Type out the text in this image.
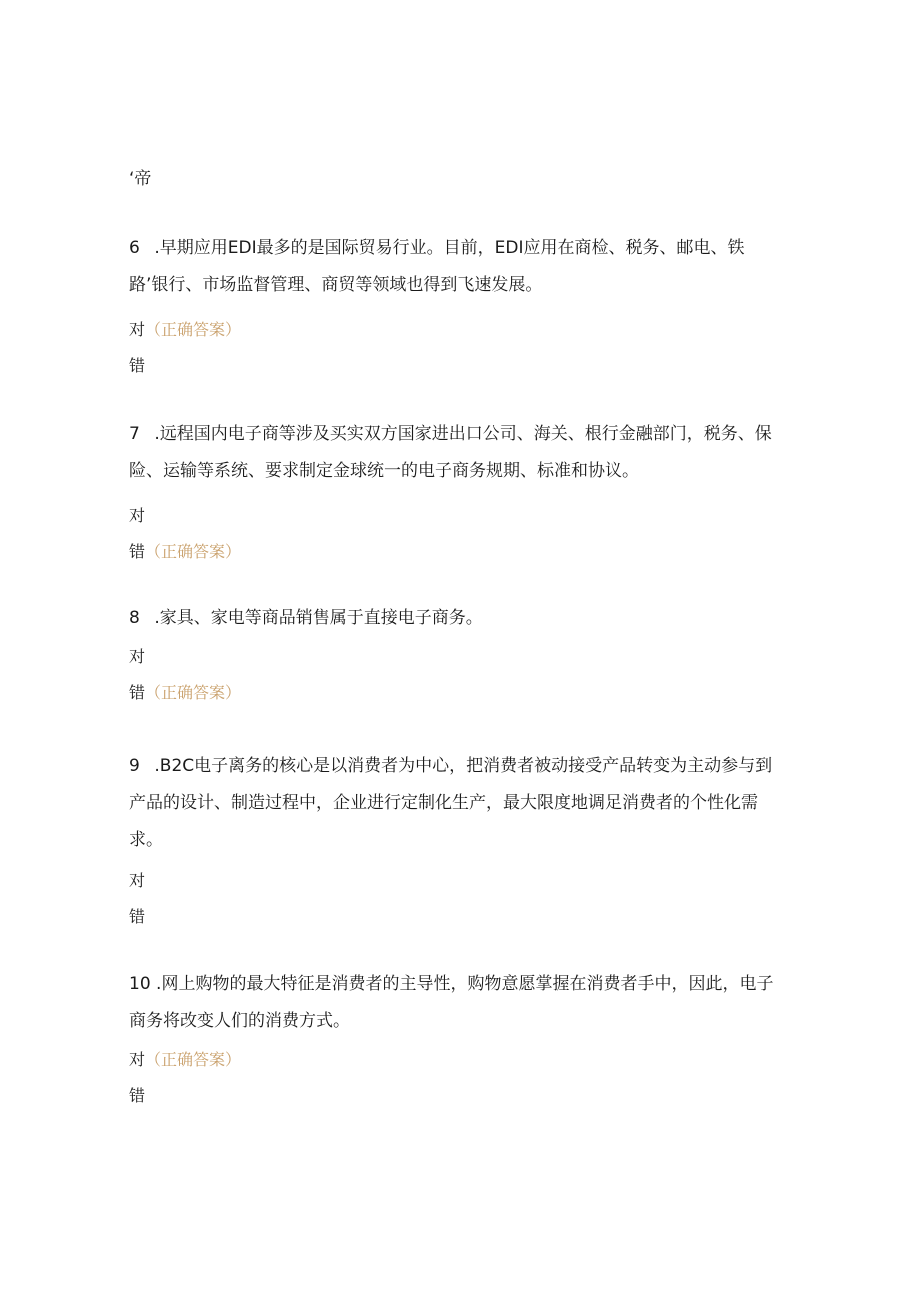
‘帝

6 .早期应用EDI最多的是国际贸易行业。目前，EDI应用在商检、税务、邮电、铁路’银行、市场监督管理、商贸等领域也得到飞速发展。

对（正确答案）
错

7 .远程国内电子商等涉及买实双方国家进出口公司、海关、根行金融部门，税务、保险、运输等系统、要求制定金球统一的电子商务规期、标准和协议。

对
错（正确答案）

8 .家具、家电等商品销售属于直接电子商务。

对
错（正确答案）

9 .B2C电子离务的核心是以消费者为中心，把消费者被动接受产品转变为主动参与到产品的设计、制造过程中，企业进行定制化生产，最大限度地调足消费者的个性化需求。

对
错

10 .网上购物的最大特征是消费者的主导性，购物意愿掌握在消费者手中，因此，电子商务将改变人们的消费方式。

对（正确答案）
错
